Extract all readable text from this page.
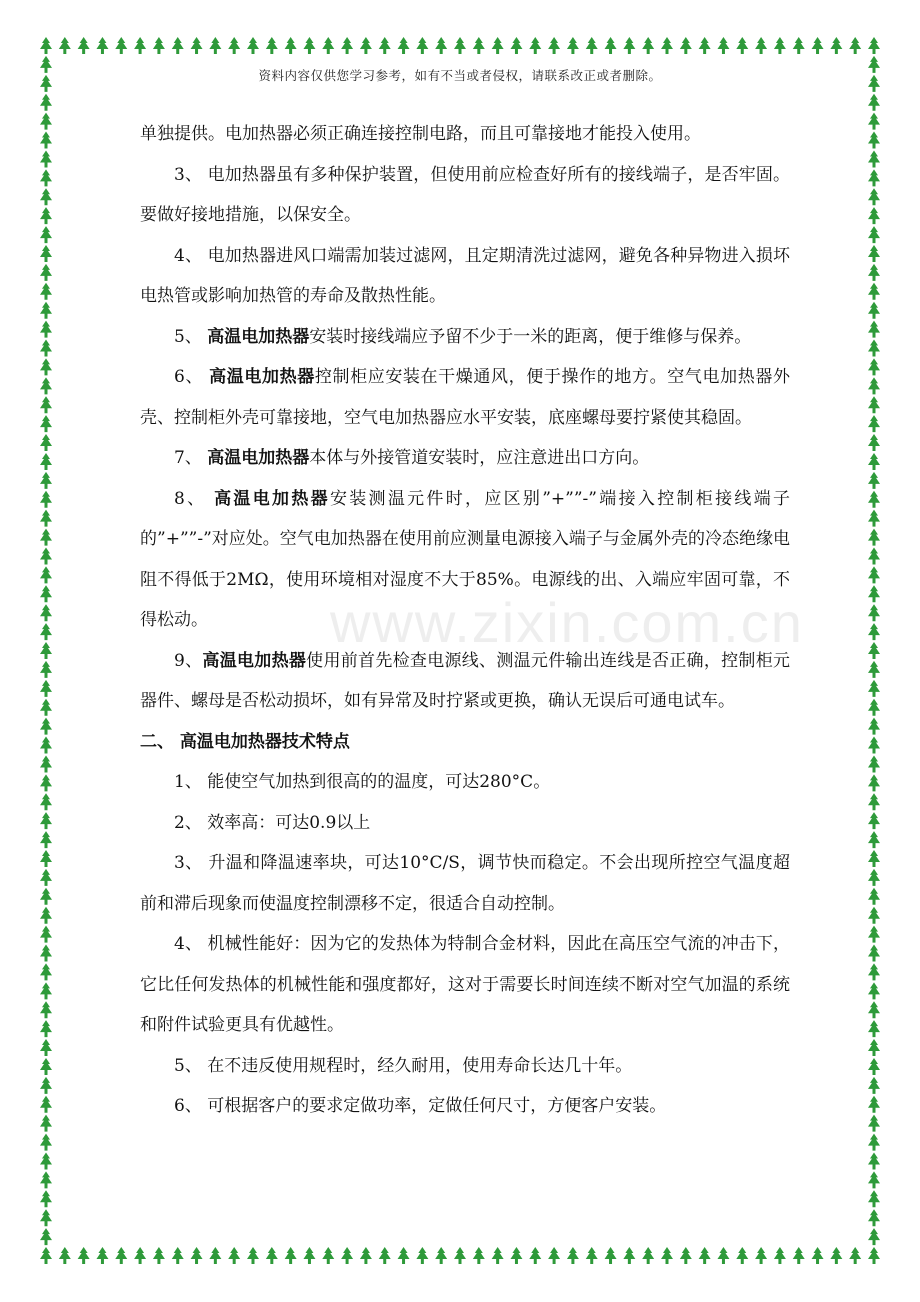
资料内容仅供您学习参考，如有不当或者侵权，请联系改正或者删除。
www.zixin.com.cn

单独提供。电加热器必须正确连接控制电路，而且可靠接地才能投入使用。

3、 电加热器虽有多种保护装置，但使用前应检查好所有的接线端子，是否牢固。要做好接地措施，以保安全。

4、 电加热器进风口端需加装过滤网，且定期清洗过滤网，避免各种异物进入损坏电热管或影响加热管的寿命及散热性能。

5、 高温电加热器安装时接线端应予留不少于一米的距离，便于维修与保养。

6、 高温电加热器控制柜应安装在干燥通风，便于操作的地方。空气电加热器外壳、控制柜外壳可靠接地，空气电加热器应水平安装，底座螺母要拧紧使其稳固。

7、 高温电加热器本体与外接管道安装时，应注意进出口方向。

8、 高温电加热器安装测温元件时，应区别”+””-”端接入控制柜接线端子的”+””-”对应处。空气电加热器在使用前应测量电源接入端子与金属外壳的冷态绝缘电阻不得低于2MΩ，使用环境相对湿度不大于85%。电源线的出、入端应牢固可靠，不得松动。

9、高温电加热器使用前首先检查电源线、测温元件输出连线是否正确，控制柜元器件、螺母是否松动损坏，如有异常及时拧紧或更换，确认无误后可通电试车。

二、 高温电加热器技术特点

1、 能使空气加热到很高的的温度，可达280°C。

2、 效率高：可达0.9以上

3、 升温和降温速率块，可达10°C/S，调节快而稳定。不会出现所控空气温度超前和滞后现象而使温度控制漂移不定，很适合自动控制。

4、 机械性能好：因为它的发热体为特制合金材料，因此在高压空气流的冲击下，它比任何发热体的机械性能和强度都好，这对于需要长时间连续不断对空气加温的系统和附件试验更具有优越性。

5、 在不违反使用规程时，经久耐用，使用寿命长达几十年。

6、 可根据客户的要求定做功率，定做任何尺寸，方便客户安装。
